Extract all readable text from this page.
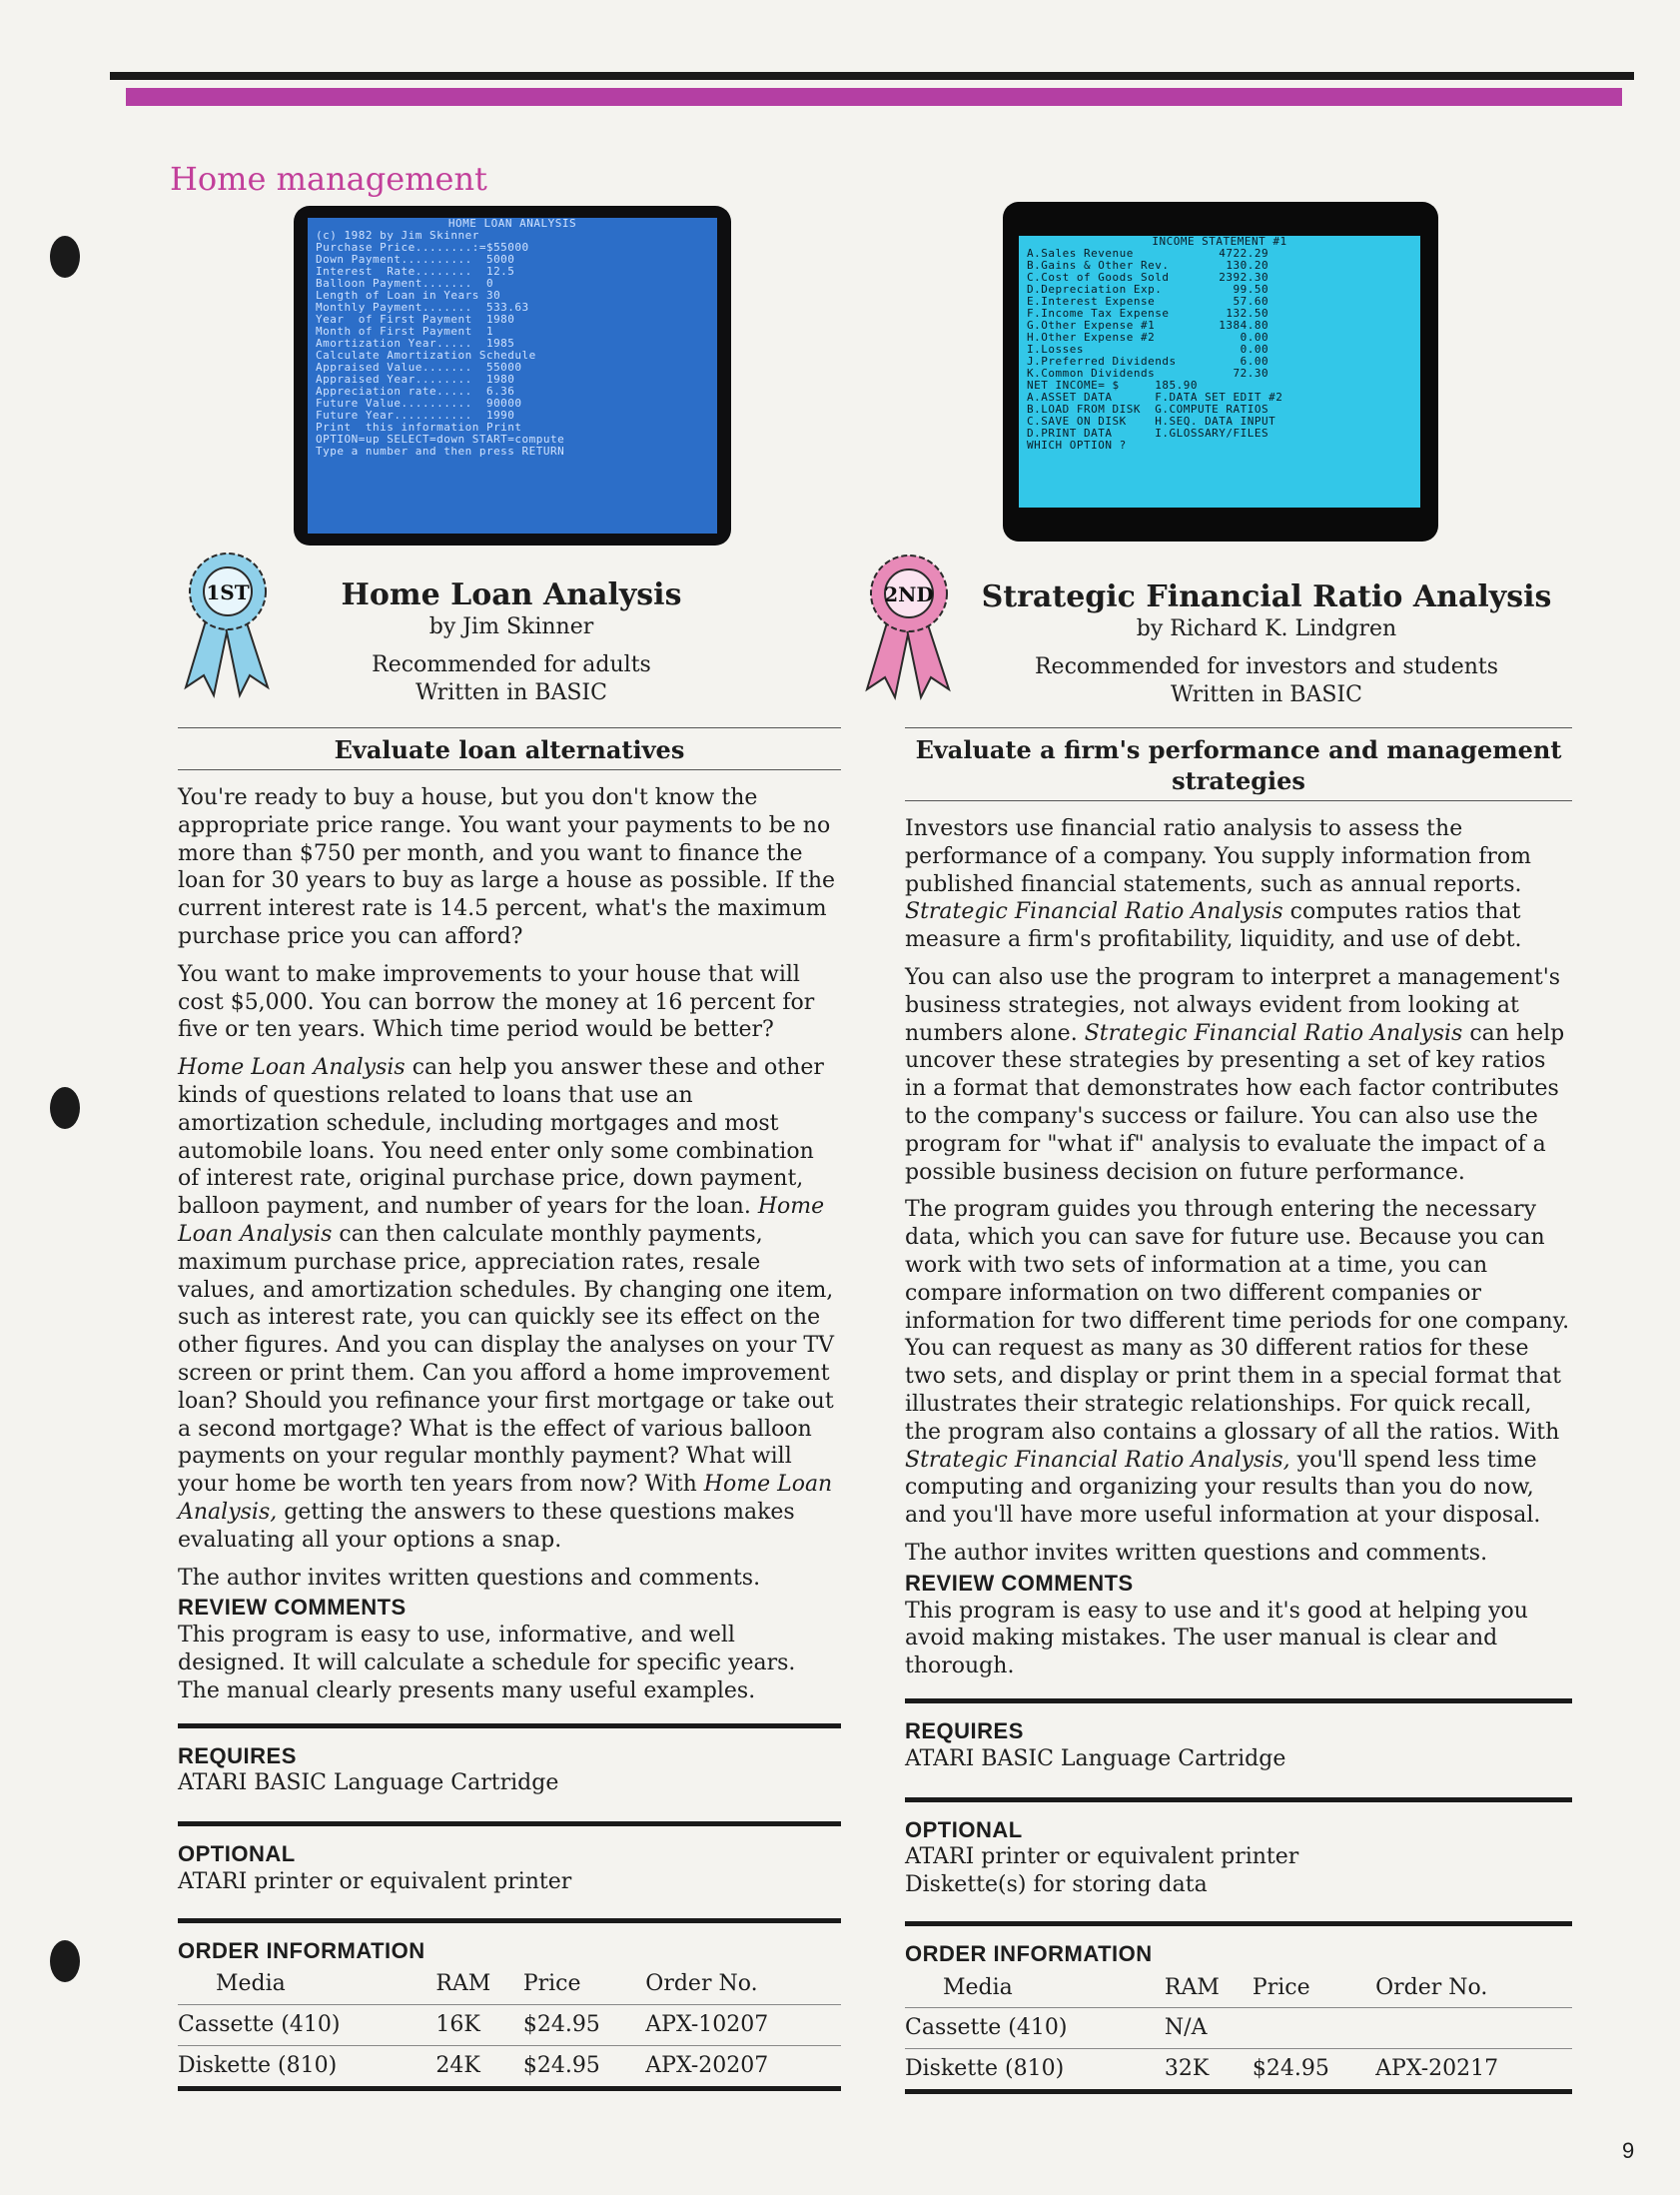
Home management
HOME LOAN ANALYSIS
(c) 1982 by Jim Skinner
Purchase Price........:=$55000
Down Payment..........  5000
Interest  Rate........  12.5
Balloon Payment.......  0
Length of Loan in Years 30
Monthly Payment.......  533.63
Year  of First Payment  1980
Month of First Payment  1
Amortization Year.....  1985
Calculate Amortization Schedule
Appraised Value.......  55000
Appraised Year........  1980
Appreciation rate.....  6.36
Future Value..........  90000
Future Year...........  1990
Print  this information Print
OPTION=up SELECT=down START=compute
Type a number and then press RETURN
INCOME STATEMENT #1
A.Sales Revenue            4722.29
B.Gains & Other Rev.        130.20
C.Cost of Goods Sold       2392.30
D.Depreciation Exp.          99.50
E.Interest Expense           57.60
F.Income Tax Expense        132.50
G.Other Expense #1         1384.80
H.Other Expense #2            0.00
I.Losses                      0.00
J.Preferred Dividends         6.00
K.Common Dividends           72.30
NET INCOME= $     185.90
A.ASSET DATA      F.DATA SET EDIT #2
B.LOAD FROM DISK  G.COMPUTE RATIOS
C.SAVE ON DISK    H.SEQ. DATA INPUT
D.PRINT DATA      I.GLOSSARY/FILES
WHICH OPTION ?
1ST	2ND
Home Loan Analysis
by Jim Skinner
Recommended for adults
Written in BASIC
Strategic Financial Ratio Analysis
by Richard K. Lindgren
Recommended for investors and students
Written in BASIC
Evaluate loan alternatives

You're ready to buy a house, but you don't know the appropriate price range. You want your payments to be no more than $750 per month, and you want to finance the loan for 30 years to buy as large a house as possible. If the current interest rate is 14.5 percent, what's the maximum purchase price you can afford?

You want to make improvements to your house that will cost $5,000. You can borrow the money at 16 percent for five or ten years. Which time period would be better?

Home Loan Analysis can help you answer these and other kinds of questions related to loans that use an amortization schedule, including mortgages and most automobile loans. You need enter only some combination of interest rate, original purchase price, down payment, balloon payment, and number of years for the loan. Home Loan Analysis can then calculate monthly payments, maximum purchase price, appreciation rates, resale values, and amortization schedules. By changing one item, such as interest rate, you can quickly see its effect on the other figures. And you can display the analyses on your TV screen or print them. Can you afford a home improvement loan? Should you refinance your first mortgage or take out a second mortgage? What is the effect of various balloon payments on your regular monthly payment? What will your home be worth ten years from now? With Home Loan Analysis, getting the answers to these questions makes evaluating all your options a snap.

The author invites written questions and comments.

REVIEW COMMENTS
This program is easy to use, informative, and well designed. It will calculate a schedule for specific years. The manual clearly presents many useful examples.
REQUIRES
ATARI BASIC Language Cartridge
OPTIONAL
ATARI printer or equivalent printer
ORDER INFORMATION
Media	RAM	Price	Order No.
Cassette (410)	16K	$24.95	APX-10207
Diskette (810)	24K	$24.95	APX-20207
Evaluate a firm's performance and management strategies

Investors use financial ratio analysis to assess the performance of a company. You supply information from published financial statements, such as annual reports. Strategic Financial Ratio Analysis computes ratios that measure a firm's profitability, liquidity, and use of debt.

You can also use the program to interpret a management's business strategies, not always evident from looking at numbers alone. Strategic Financial Ratio Analysis can help uncover these strategies by presenting a set of key ratios in a format that demonstrates how each factor contributes to the company's success or failure. You can also use the program for "what if" analysis to evaluate the impact of a possible business decision on future performance.

The program guides you through entering the necessary data, which you can save for future use. Because you can work with two sets of information at a time, you can compare information on two different companies or information for two different time periods for one company. You can request as many as 30 different ratios for these two sets, and display or print them in a special format that illustrates their strategic relationships. For quick recall, the program also contains a glossary of all the ratios. With Strategic Financial Ratio Analysis, you'll spend less time computing and organizing your results than you do now, and you'll have more useful information at your disposal.

The author invites written questions and comments.

REVIEW COMMENTS
This program is easy to use and it's good at helping you avoid making mistakes. The user manual is clear and thorough.
REQUIRES
ATARI BASIC Language Cartridge
OPTIONAL
ATARI printer or equivalent printer
Diskette(s) for storing data
ORDER INFORMATION
Media	RAM	Price	Order No.
Cassette (410)	N/A		
Diskette (810)	32K	$24.95	APX-20217
9
